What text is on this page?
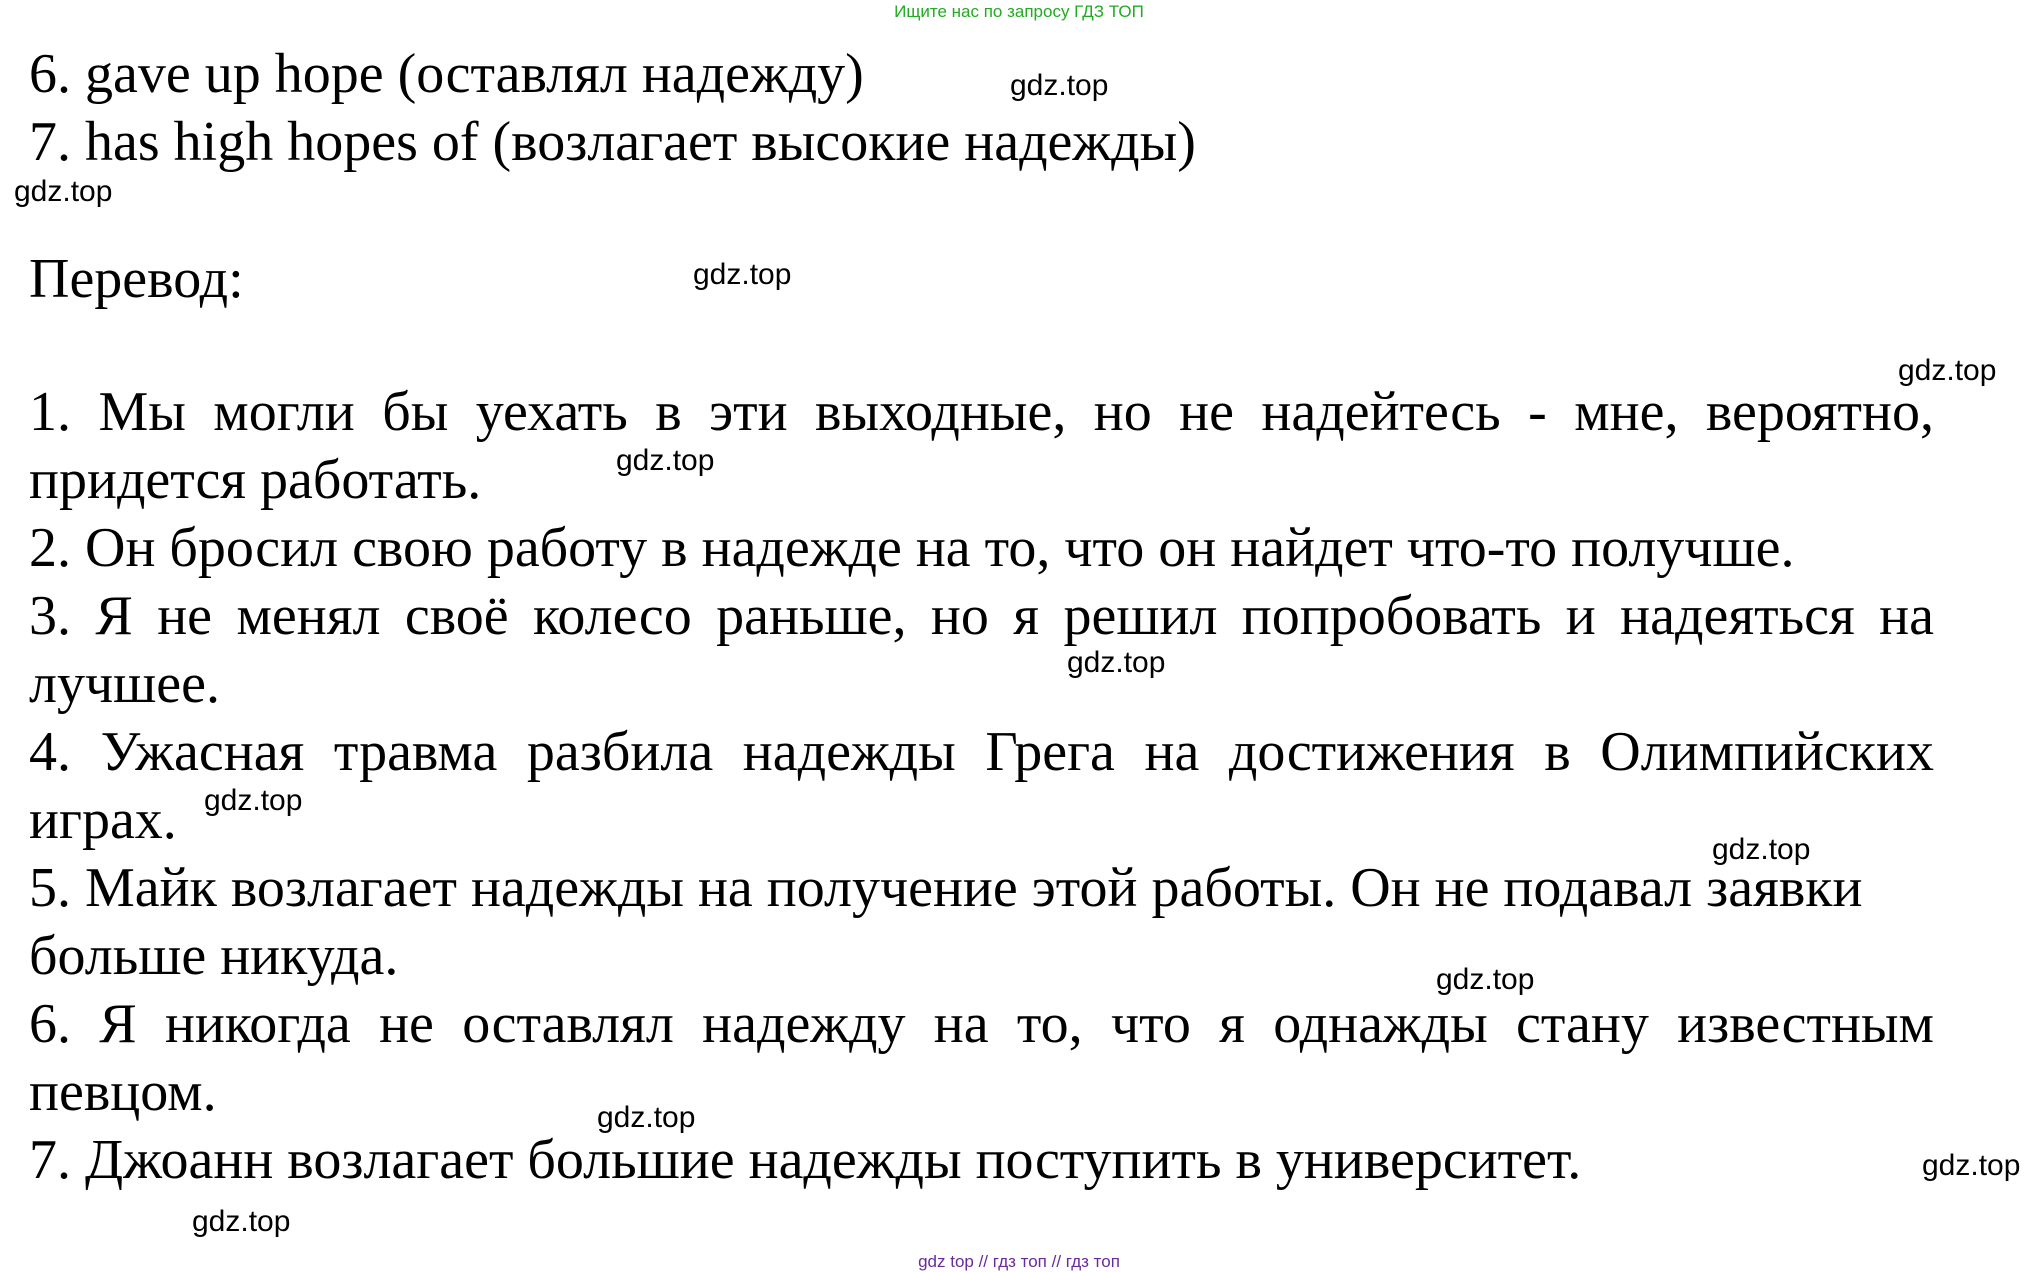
Ищите нас по запросу ГДЗ ТОП
6. gave up hope (оставлял надежду)
7. has high hopes of (возлагает высокие надежды)
Перевод:
1. Мы могли бы уехать в эти выходные, но не надейтесь - мне, вероятно,
придется работать.
2. Он бросил свою работу в надежде на то, что он найдет что-то получше.
3. Я не менял своё колесо раньше, но я решил попробовать и надеяться на
лучшее.
4. Ужасная травма разбила надежды Грега на достижения в Олимпийских
играх.
5. Майк возлагает надежды на получение этой работы. Он не подавал заявки
больше никуда.
6. Я никогда не оставлял надежду на то, что я однажды стану известным
певцом.
7. Джоанн возлагает большие надежды поступить в университет.
gdz.top
gdz.top
gdz.top
gdz.top
gdz.top
gdz.top
gdz.top
gdz.top
gdz.top
gdz.top
gdz.top
gdz.top
gdz top // гдз топ // гдз топ
